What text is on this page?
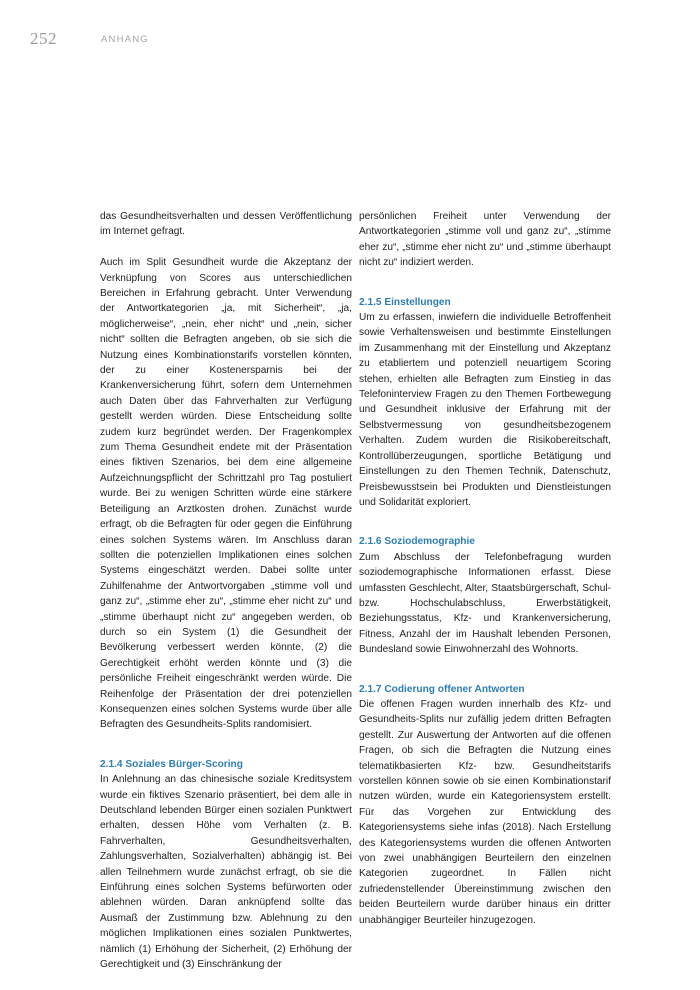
252	ANHANG

das Gesundheitsverhalten und dessen Veröffentlichung im Internet gefragt.

Auch im Split Gesundheit wurde die Akzeptanz der Verknüpfung von Scores aus unterschiedlichen Bereichen in Erfahrung gebracht. Unter Verwendung der Antwortkategorien „ja, mit Sicherheit“, „ja, möglicherweise“, „nein, eher nicht“ und „nein, sicher nicht“ sollten die Befragten angeben, ob sie sich die Nutzung eines Kombinationstarifs vorstellen könnten, der zu einer Kostenersparnis bei der Krankenversicherung führt, sofern dem Unternehmen auch Daten über das Fahrverhalten zur Verfügung gestellt werden würden. Diese Entscheidung sollte zudem kurz begründet werden. Der Fragenkomplex zum Thema Gesundheit endete mit der Präsentation eines fiktiven Szenarios, bei dem eine allgemeine Aufzeichnungspflicht der Schrittzahl pro Tag postuliert wurde. Bei zu wenigen Schritten würde eine stärkere Beteiligung an Arztkosten drohen. Zunächst wurde erfragt, ob die Befragten für oder gegen die Einführung eines solchen Systems wären. Im Anschluss daran sollten die potenziellen Implikationen eines solchen Systems eingeschätzt werden. Dabei sollte unter Zuhilfenahme der Antwortvorgaben „stimme voll und ganz zu“, „stimme eher zu“, „stimme eher nicht zu“ und „stimme überhaupt nicht zu“ angegeben werden, ob durch so ein System (1) die Gesundheit der Bevölkerung verbessert werden könnte, (2) die Gerechtigkeit erhöht werden könnte und (3) die persönliche Freiheit eingeschränkt werden würde. Die Reihenfolge der Präsentation der drei potenziellen Konsequenzen eines solchen Systems wurde über alle Befragten des Gesundheits-Splits randomisiert.

2.1.4 Soziales Bürger-Scoring

In Anlehnung an das chinesische soziale Kreditsystem wurde ein fiktives Szenario präsentiert, bei dem alle in Deutschland lebenden Bürger einen sozialen Punktwert erhalten, dessen Höhe vom Verhalten (z. B. Fahrverhalten, Gesundheitsverhalten, Zahlungsverhalten, Sozialverhalten) abhängig ist. Bei allen Teilnehmern wurde zunächst erfragt, ob sie die Einführung eines solchen Systems befürworten oder ablehnen würden. Daran anknüpfend sollte das Ausmaß der Zustimmung bzw. Ablehnung zu den möglichen Implikationen eines sozialen Punktwertes, nämlich (1) Erhöhung der Sicherheit, (2) Erhöhung der Gerechtigkeit und (3) Einschränkung der

persönlichen Freiheit unter Verwendung der Antwortkategorien „stimme voll und ganz zu“, „stimme eher zu“, „stimme eher nicht zu“ und „stimme überhaupt nicht zu“ indiziert werden.

2.1.5 Einstellungen

Um zu erfassen, inwiefern die individuelle Betroffenheit sowie Verhaltensweisen und bestimmte Einstellungen im Zusammenhang mit der Einstellung und Akzeptanz zu etabliertem und potenziell neuartigem Scoring stehen, erhielten alle Befragten zum Einstieg in das Telefoninterview Fragen zu den Themen Fortbewegung und Gesundheit inklusive der Erfahrung mit der Selbstvermessung von gesundheitsbezogenem Verhalten. Zudem wurden die Risikobereitschaft, Kontrollüberzeugungen, sportliche Betätigung und Einstellungen zu den Themen Technik, Datenschutz, Preisbewusstsein bei Produkten und Dienstleistungen und Solidarität exploriert.

2.1.6 Soziodemographie

Zum Abschluss der Telefonbefragung wurden soziodemographische Informationen erfasst. Diese umfassten Geschlecht, Alter, Staatsbürgerschaft, Schul- bzw. Hochschulabschluss, Erwerbstätigkeit, Beziehungsstatus, Kfz- und Krankenversicherung, Fitness, Anzahl der im Haushalt lebenden Personen, Bundesland sowie Einwohnerzahl des Wohnorts.

2.1.7 Codierung offener Antworten

Die offenen Fragen wurden innerhalb des Kfz- und Gesundheits-Splits nur zufällig jedem dritten Befragten gestellt. Zur Auswertung der Antworten auf die offenen Fragen, ob sich die Befragten die Nutzung eines telematikbasierten Kfz- bzw. Gesundheitstarifs vorstellen können sowie ob sie einen Kombinationstarif nutzen würden, wurde ein Kategoriensystem erstellt. Für das Vorgehen zur Entwicklung des Kategoriensystems siehe infas (2018). Nach Erstellung des Kategoriensystems wurden die offenen Antworten von zwei unabhängigen Beurteilern den einzelnen Kategorien zugeordnet. In Fällen nicht zufriedenstellender Übereinstimmung zwischen den beiden Beurteilern wurde darüber hinaus ein dritter unabhängiger Beurteiler hinzugezogen.
